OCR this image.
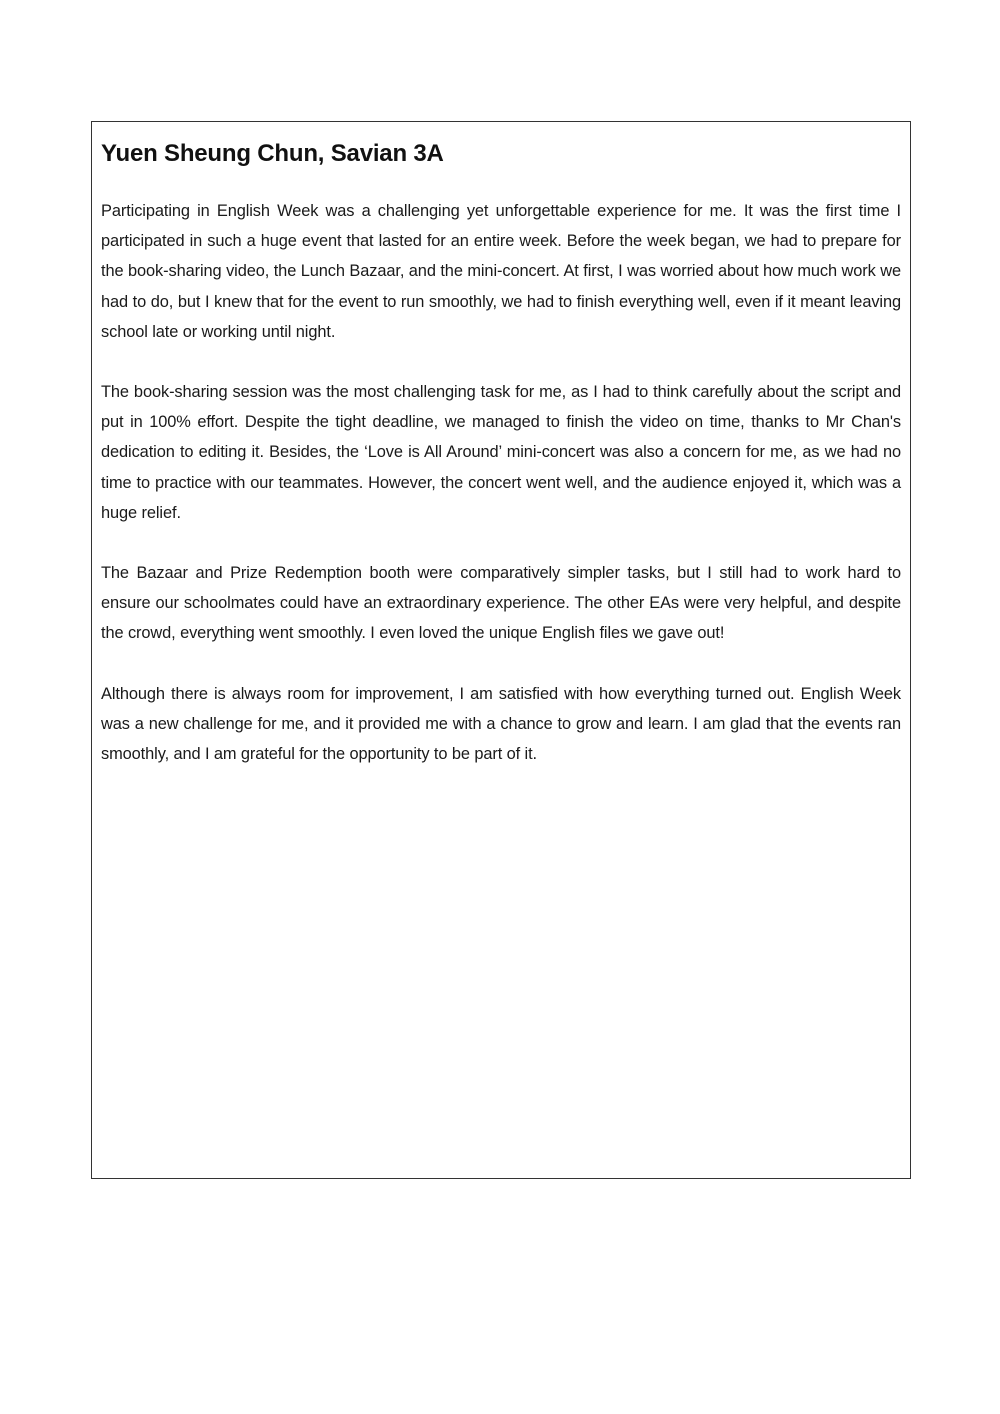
Yuen Sheung Chun, Savian 3A

Participating in English Week was a challenging yet unforgettable experience for me. It was the first time I participated in such a huge event that lasted for an entire week. Before the week began, we had to prepare for the book-sharing video, the Lunch Bazaar, and the mini-concert. At first, I was worried about how much work we had to do, but I knew that for the event to run smoothly, we had to finish everything well, even if it meant leaving school late or working until night.

The book-sharing session was the most challenging task for me, as I had to think carefully about the script and put in 100% effort. Despite the tight deadline, we managed to finish the video on time, thanks to Mr Chan's dedication to editing it. Besides, the ‘Love is All Around’ mini-concert was also a concern for me, as we had no time to practice with our teammates. However, the concert went well, and the audience enjoyed it, which was a huge relief.

The Bazaar and Prize Redemption booth were comparatively simpler tasks, but I still had to work hard to ensure our schoolmates could have an extraordinary experience. The other EAs were very helpful, and despite the crowd, everything went smoothly. I even loved the unique English files we gave out!

Although there is always room for improvement, I am satisfied with how everything turned out. English Week was a new challenge for me, and it provided me with a chance to grow and learn. I am glad that the events ran smoothly, and I am grateful for the opportunity to be part of it.
